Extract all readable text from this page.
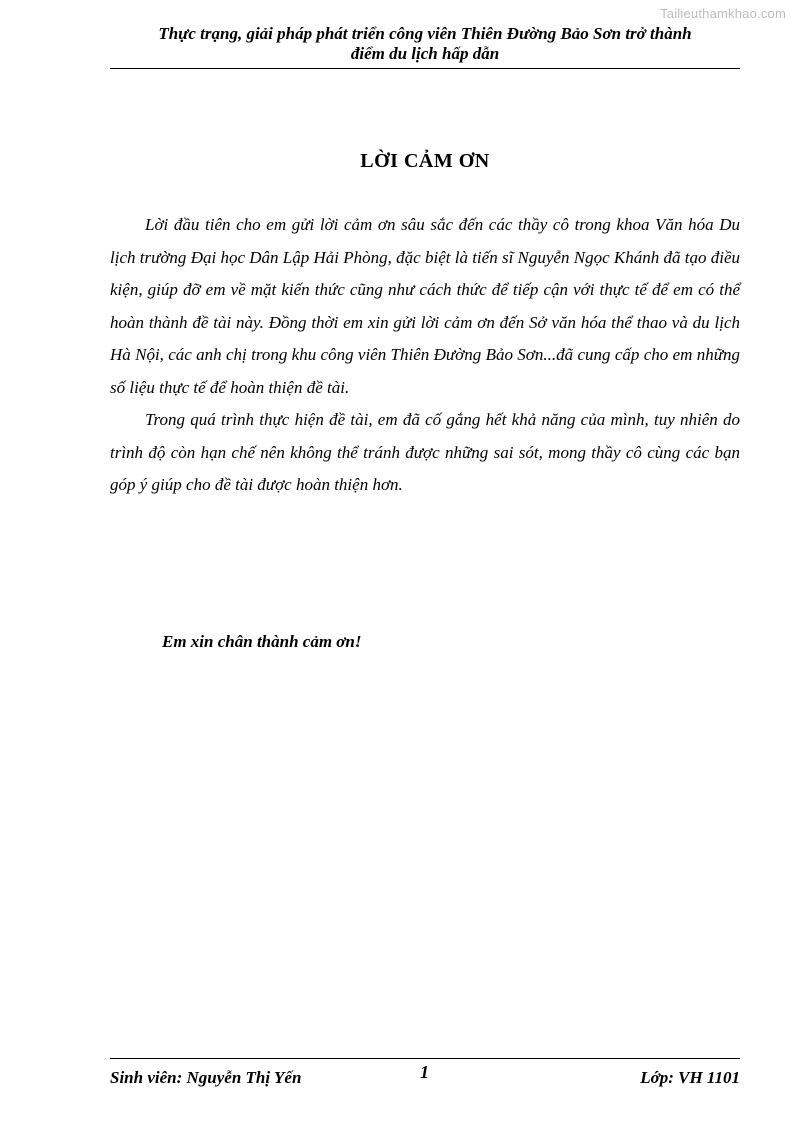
Tailieuthamkhao.com
Thực trạng, giải pháp phát triển công viên Thiên Đường Bảo Sơn trở thành
điểm du lịch hấp dẫn
LỜI CẢM ƠN

Lời đầu tiên cho em gửi lời cảm ơn sâu sắc đến các thầy cô trong khoa Văn hóa Du lịch trường Đại học Dân Lập Hải Phòng, đặc biệt là tiến sĩ Nguyễn Ngọc Khánh đã tạo điều kiện, giúp đỡ em về mặt kiến thức cũng như cách thức để tiếp cận với thực tế để em có thể hoàn thành đề tài này. Đồng thời em xin gửi lời cảm ơn đến Sở văn hóa thể thao và du lịch Hà Nội, các anh chị trong khu công viên Thiên Đường Bảo Sơn...đã cung cấp cho em những số liệu thực tế để hoàn thiện đề tài.

Trong quá trình thực hiện đề tài, em đã cố gắng hết khả năng của mình, tuy nhiên do trình độ còn hạn chế nên không thể tránh được những sai sót, mong thầy cô cùng các bạn góp ý giúp cho đề tài được hoàn thiện hơn.

Em xin chân thành cảm ơn!
Sinh viên: Nguyễn Thị Yến	1	Lớp: VH 1101
